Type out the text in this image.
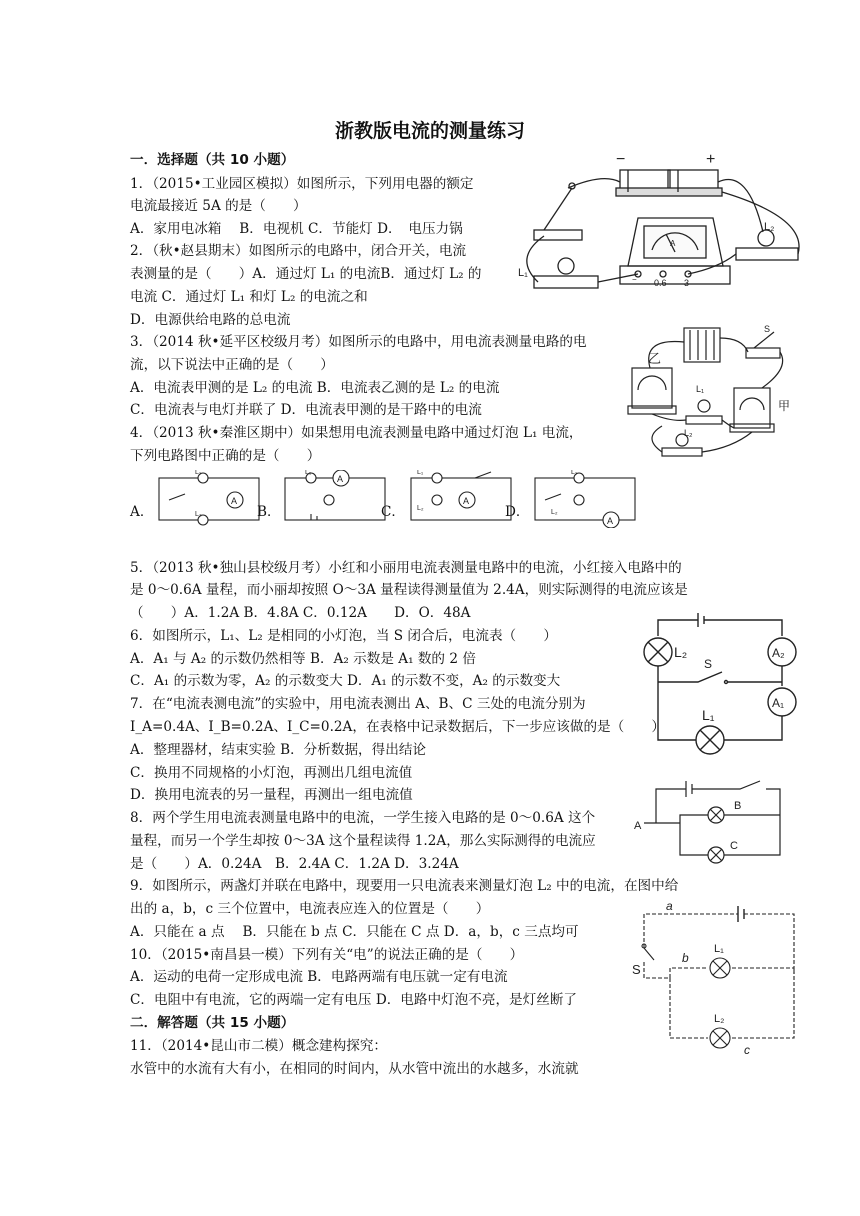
浙教版电流的测量练习
一．选择题（共 10 小题）
1．（2015•工业园区模拟）如图所示，下列用电器的额定
电流最接近 5A 的是（　　）
A．家用电冰箱　 B．电视机 C．节能灯 D．　电压力锅
2．（秋•赵县期末）如图所示的电路中，闭合开关，电流
表测量的是（　　）A．通过灯 L₁ 的电流B．通过灯 L₂ 的
电流 C．通过灯 L₁ 和灯 L₂ 的电流之和
D．电源供给电路的总电流
3．（2014 秋•延平区校级月考）如图所示的电路中，用电流表测量电路的电
流，以下说法中正确的是（　　）
A．电流表甲测的是 L₂ 的电流 B．电流表乙测的是 L₂ 的电流
C．电流表与电灯并联了 D．电流表甲测的是干路中的电流
4．（2013 秋•秦淮区期中）如果想用电流表测量电路中通过灯泡 L₁ 电流，
下列电路图中正确的是（　　）
A．
5．（2013 秋•独山县校级月考）小红和小丽用电流表测量电路中的电流，小红接入电路中的
是 0～0.6A 量程，而小丽却按照 O～3A 量程读得测量值为 2.4A，则实际测得的电流应该是
（　　）A．1.2A B．4.8A C．0.12A　　D．O．48A
6．如图所示，L₁、L₂ 是相同的小灯泡，当 S 闭合后，电流表（　　）
A．A₁ 与 A₂ 的示数仍然相等 B．A₂ 示数是 A₁ 数的 2 倍
C．A₁ 的示数为零，A₂ 的示数变大 D．A₁ 的示数不变，A₂ 的示数变大
7．在“电流表测电流”的实验中，用电流表测出 A、B、C 三处的电流分别为
I_A=0.4A、I_B=0.2A、I_C=0.2A，在表格中记录数据后，下一步应该做的是（　　）
A．整理器材，结束实验 B．分析数据，得出结论
C．换用不同规格的小灯泡，再测出几组电流值
D．换用电流表的另一量程，再测出一组电流值
8．两个学生用电流表测量电路中的电流，一学生接入电路的是 0～0.6A 这个
量程，而另一个学生却按 0～3A 这个量程读得 1.2A，那么实际测得的电流应
是（　　）A．0.24A　B．2.4A C．1.2A D．3.24A
9．如图所示，两盏灯并联在电路中，现要用一只电流表来测量灯泡 L₂ 中的电流，在图中给
出的 a，b，c 三个位置中，电流表应连入的位置是（　　）
A．只能在 a 点　 B．只能在 b 点 C．只能在 C 点 D．a，b，c 三点均可
10．（2015•南昌县一模）下列有关“电”的说法正确的是（　　）
A．运动的电荷一定形成电流 B．电路两端有电压就一定有电流
C．电阻中有电流，它的两端一定有电压 D．电路中灯泡不亮，是灯丝断了
二．解答题（共 15 小题）
11．（2014•昆山市二模）概念建构探究：
水管中的水流有大有小，在相同的时间内，从水管中流出的水越多，水流就
B．	C．	D．
−	+
A
− 0.6 3
L₁
L₂
S
乙
甲
L₁
L₂
A
L₁
L₂
A
L₁
A
L₁
L₂
A
L₁
L₂
L₂	A₂
S
A₁
L₁
A
B
C
a
S
b
L₁
L₂
c
